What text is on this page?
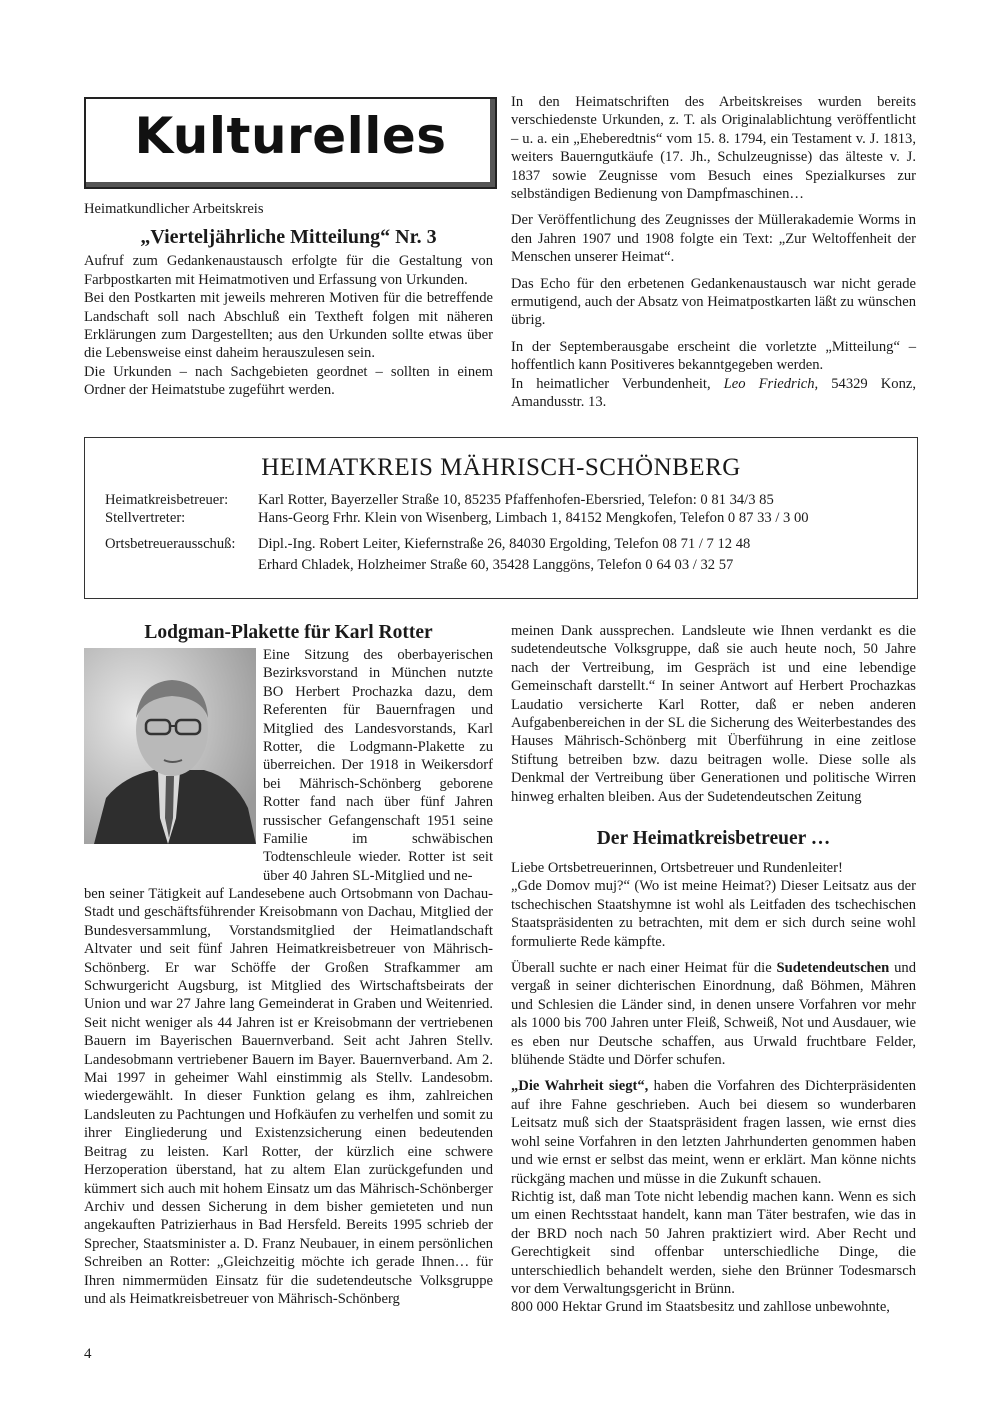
Kulturelles

Heimatkundlicher Arbeitskreis

„Vierteljährliche Mitteilung“ Nr. 3

Aufruf zum Gedankenaustausch erfolgte für die Gestaltung von Farbpostkarten mit Heimatmotiven und Erfassung von Urkunden.

Bei den Postkarten mit jeweils mehreren Motiven für die betreffende Landschaft soll nach Abschluß ein Textheft folgen mit näheren Erklärungen zum Dargestellten; aus den Urkunden sollte etwas über die Lebensweise einst daheim herauszulesen sein.

Die Urkunden – nach Sachgebieten geordnet – sollten in einem Ordner der Heimatstube zugeführt werden.

In den Heimatschriften des Arbeitskreises wurden bereits verschiedenste Urkunden, z. T. als Originalablichtung veröffentlicht – u. a. ein „Eheberedtnis“ vom 15. 8. 1794, ein Testament v. J. 1813, weiters Bauerngutkäufe (17. Jh., Schulzeugnisse) das älteste v. J. 1837 sowie Zeugnisse vom Besuch eines Spezialkurses zur selbständigen Bedienung von Dampfmaschinen…

Der Veröffentlichung des Zeugnisses der Müllerakademie Worms in den Jahren 1907 und 1908 folgte ein Text: „Zur Weltoffenheit der Menschen unserer Heimat“.

Das Echo für den erbetenen Gedankenaustausch war nicht gerade ermutigend, auch der Absatz von Heimatpostkarten läßt zu wünschen übrig.

In der Septemberausgabe erscheint die vorletzte „Mitteilung“ – hoffentlich kann Positiveres bekanntgegeben werden.

In heimatlicher Verbundenheit, Leo Friedrich, 54329 Konz, Amandusstr. 13.

HEIMATKREIS MÄHRISCH-SCHÖNBERG
Heimatkreisbetreuer: Karl Rotter, Bayerzeller Straße 10, 85235 Pfaffenhofen-Ebersried, Telefon: 0 81 34/3 85
Stellvertreter:	Hans-Georg Frhr. Klein von Wisenberg, Limbach 1, 84152 Mengkofen, Telefon 0 87 33 / 3 00
Ortsbetreuerausschuß: Dipl.-Ing. Robert Leiter, Kiefernstraße 26, 84030 Ergolding, Telefon 08 71 / 7 12 48
Erhard Chladek, Holzheimer Straße 60, 35428 Langgöns, Telefon 0 64 03 / 32 57
Lodgman-Plakette für Karl Rotter
Eine Sitzung des oberbayerischen Bezirksvorstand in München nutzte BO Herbert Prochazka dazu, dem Referenten für Bauernfragen und Mitglied des Landesvorstands, Karl Rotter, die Lodgmann-Plakette zu überreichen. Der 1918 in Weikersdorf bei Mährisch-Schönberg geborene Rotter fand nach über fünf Jahren russischer Gefangenschaft 1951 seine Familie im schwäbischen Todtenschleule wieder. Rotter ist seit über 40 Jahren SL-Mitglied und ne-
ben seiner Tätigkeit auf Landesebene auch Ortsobmann von Dachau-Stadt und geschäftsführender Kreisobmann von Dachau, Mitglied der Bundesversammlung, Vorstandsmitglied der Heimatlandschaft Altvater und seit fünf Jahren Heimatkreisbetreuer von Mährisch-Schönberg. Er war Schöffe der Großen Strafkammer am Schwurgericht Augsburg, ist Mitglied des Wirtschaftsbeirats der Union und war 27 Jahre lang Gemeinderat in Graben und Weitenried. Seit nicht weniger als 44 Jahren ist er Kreisobmann der vertriebenen Bauern im Bayerischen Bauernverband. Seit acht Jahren Stellv. Landesobmann vertriebener Bauern im Bayer. Bauernverband. Am 2. Mai 1997 in geheimer Wahl einstimmig als Stellv. Landesobm. wiedergewählt. In dieser Funktion gelang es ihm, zahlreichen Landsleuten zu Pachtungen und Hofkäufen zu verhelfen und somit zu ihrer Eingliederung und Existenzsicherung einen bedeutenden Beitrag zu leisten. Karl Rotter, der kürzlich eine schwere Herzoperation überstand, hat zu altem Elan zurückgefunden und kümmert sich auch mit hohem Einsatz um das Mährisch-Schönberger Archiv und dessen Sicherung in dem bisher gemieteten und nun angekauften Patrizierhaus in Bad Hersfeld. Bereits 1995 schrieb der Sprecher, Staatsminister a. D. Franz Neubauer, in einem persönlichen Schreiben an Rotter: „Gleichzeitig möchte ich gerade Ihnen… für Ihren nimmermüden Einsatz für die sudetendeutsche Volksgruppe und als Heimatkreisbetreuer von Mährisch-Schönberg
meinen Dank aussprechen. Landsleute wie Ihnen verdankt es die sudetendeutsche Volksgruppe, daß sie auch heute noch, 50 Jahre nach der Vertreibung, im Gespräch ist und eine lebendige Gemeinschaft darstellt.“ In seiner Antwort auf Herbert Prochazkas Laudatio versicherte Karl Rotter, daß er neben anderen Aufgabenbereichen in der SL die Sicherung des Weiterbestandes des Hauses Mährisch-Schönberg mit Überführung in eine zeitlose Stiftung betreiben bzw. dazu beitragen wolle. Diese solle als Denkmal der Vertreibung über Generationen und politische Wirren hinweg erhalten bleiben. Aus der Sudetendeutschen Zeitung
Der Heimatkreisbetreuer …

Liebe Ortsbetreuerinnen, Ortsbetreuer und Rundenleiter!

„Gde Domov muj?“ (Wo ist meine Heimat?) Dieser Leitsatz aus der tschechischen Staatshymne ist wohl als Leitfaden des tschechischen Staatspräsidenten zu betrachten, mit dem er sich durch seine wohl formulierte Rede kämpfte.

Überall suchte er nach einer Heimat für die Sudetendeutschen und vergaß in seiner dichterischen Einordnung, daß Böhmen, Mähren und Schlesien die Länder sind, in denen unsere Vorfahren vor mehr als 1000 bis 700 Jahren unter Fleiß, Schweiß, Not und Ausdauer, wie es eben nur Deutsche schaffen, aus Urwald fruchtbare Felder, blühende Städte und Dörfer schufen.

„Die Wahrheit siegt“, haben die Vorfahren des Dichterpräsidenten auf ihre Fahne geschrieben. Auch bei diesem so wunderbaren Leitsatz muß sich der Staatspräsident fragen lassen, wie ernst dies wohl seine Vorfahren in den letzten Jahrhunderten genommen haben und wie ernst er selbst das meint, wenn er erklärt. Man könne nichts rückgäng machen und müsse in die Zukunft schauen.

Richtig ist, daß man Tote nicht lebendig machen kann. Wenn es sich um einen Rechtsstaat handelt, kann man Täter bestrafen, wie das in der BRD noch nach 50 Jahren praktiziert wird. Aber Recht und Gerechtigkeit sind offenbar unterschiedliche Dinge, die unterschiedlich behandelt werden, siehe den Brünner Todesmarsch vor dem Verwaltungsgericht in Brünn.

800 000 Hektar Grund im Staatsbesitz und zahllose unbewohnte,

4
